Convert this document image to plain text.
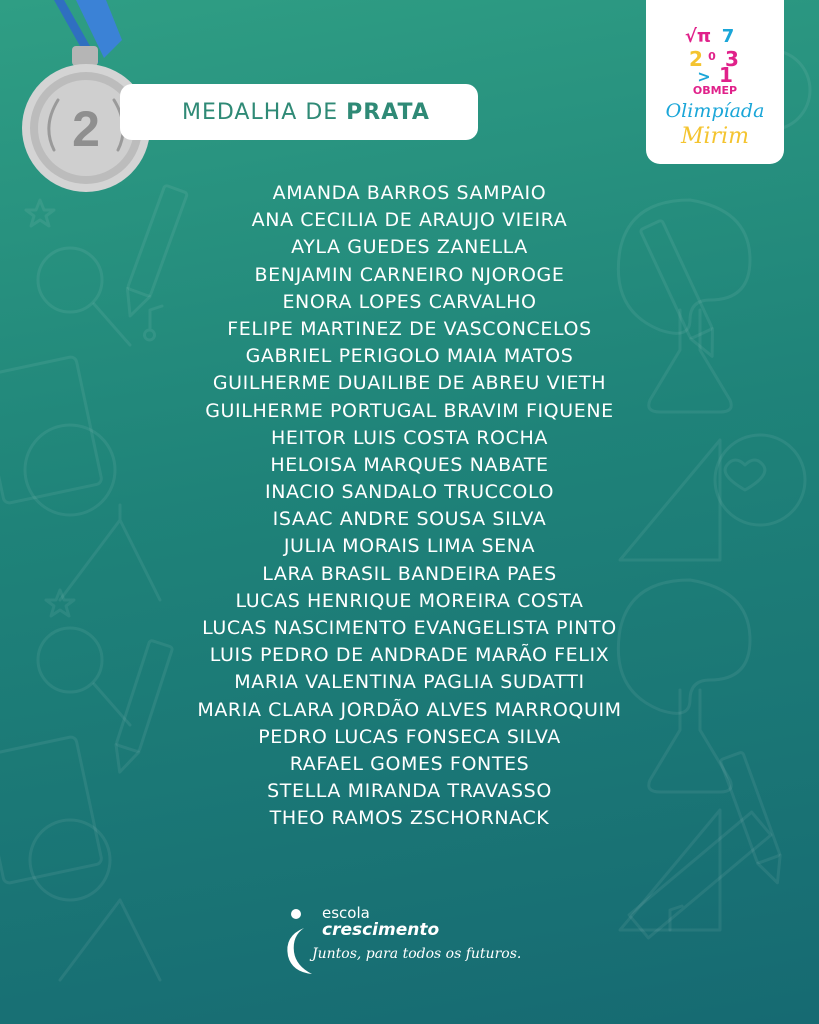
2	MEDALHA DE PRATA
√π 7
2 0 3
> 1
OBMEP
Olimpíada
Mirim
AMANDA BARROS SAMPAIO
ANA CECILIA DE ARAUJO VIEIRA
AYLA GUEDES ZANELLA
BENJAMIN CARNEIRO NJOROGE
ENORA LOPES CARVALHO
FELIPE MARTINEZ DE VASCONCELOS
GABRIEL PERIGOLO MAIA MATOS
GUILHERME DUAILIBE DE ABREU VIETH
GUILHERME PORTUGAL BRAVIM FIQUENE
HEITOR LUIS COSTA ROCHA
HELOISA MARQUES NABATE
INACIO SANDALO TRUCCOLO
ISAAC ANDRE SOUSA SILVA
JULIA MORAIS LIMA SENA
LARA BRASIL BANDEIRA PAES
LUCAS HENRIQUE MOREIRA COSTA
LUCAS NASCIMENTO EVANGELISTA PINTO
LUIS PEDRO DE ANDRADE MARÃO FELIX
MARIA VALENTINA PAGLIA SUDATTI
MARIA CLARA JORDÃO ALVES MARROQUIM
PEDRO LUCAS FONSECA SILVA
RAFAEL GOMES FONTES
STELLA MIRANDA TRAVASSO
THEO RAMOS ZSCHORNACK
escola
crescimento
Juntos, para todos os futuros.
